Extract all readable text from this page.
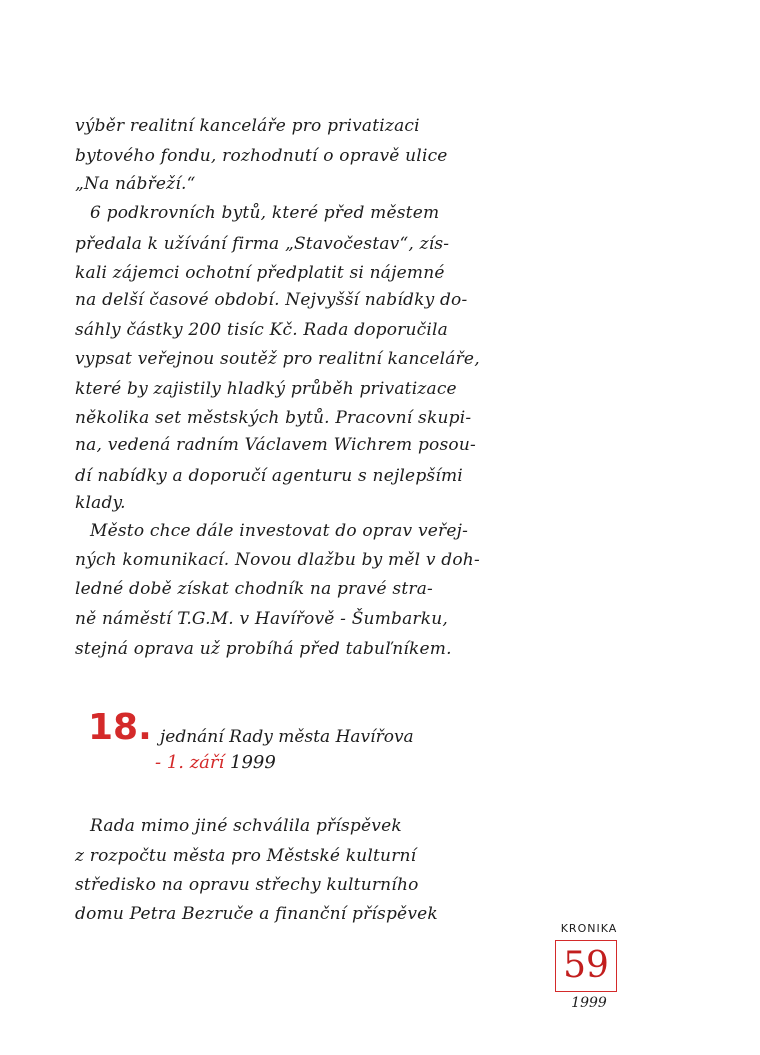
výběr realitní kanceláře pro privatizaci
bytového fondu, rozhodnutí o opravě ulice
„Na nábřeží.“
6 podkrovních bytů, které před městem
předala k užívání firma „Stavočestav“, zís-
kali zájemci ochotní předplatit si nájemné
na delší časové období. Nejvyšší nabídky do-
sáhly částky 200 tisíc Kč. Rada doporučila
vypsat veřejnou soutěž pro realitní kanceláře,
které by zajistily hladký průběh privatizace
několika set městských bytů. Pracovní skupi-
na, vedená radním Václavem Wichrem posou-
dí nabídky a doporučí agenturu s nejlepšími
klady.
Město chce dále investovat do oprav veřej-
ných komunikací. Novou dlažbu by měl v doh-
ledné době získat chodník na pravé stra-
ně náměstí T.G.M. v Havířově - Šumbarku,
stejná oprava už probíhá před tabuľníkem.
18. jednání Rady města Havířova
- 1. září 1999
Rada mimo jiné schválila příspěvek
z rozpočtu města pro Městské kulturní
středisko na opravu střechy kulturního
domu Petra Bezruče a finanční příspěvek
KRONIKA
59
1999
